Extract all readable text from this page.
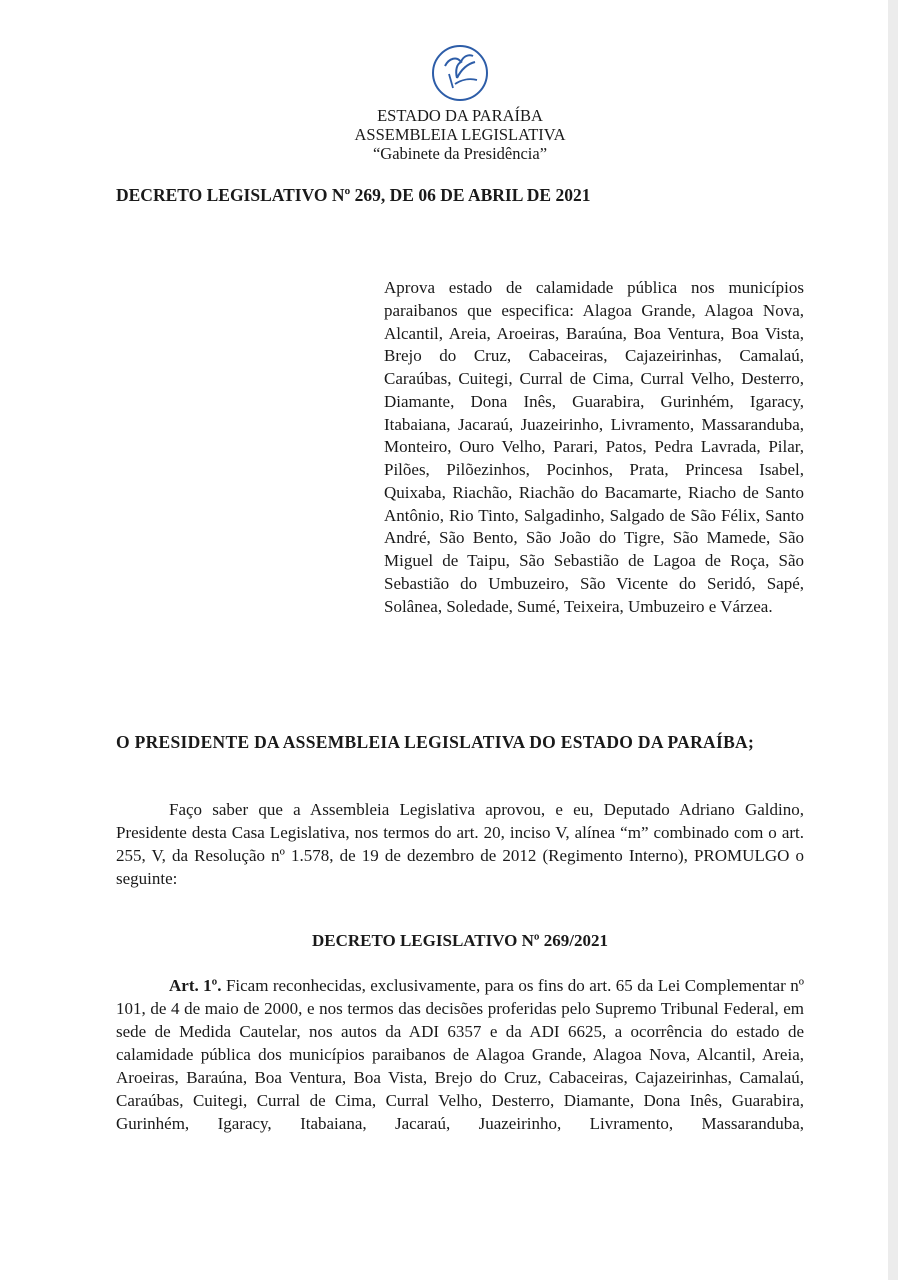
ESTADO DA PARAÍBA
ASSEMBLEIA LEGISLATIVA
“Gabinete da Presidência”
DECRETO LEGISLATIVO Nº 269, DE 06 DE ABRIL DE 2021
Aprova estado de calamidade pública nos municípios paraibanos que especifica: Alagoa Grande, Alagoa Nova, Alcantil, Areia, Aroeiras, Baraúna, Boa Ventura, Boa Vista, Brejo do Cruz, Cabaceiras, Cajazeirinhas, Camalaú, Caraúbas, Cuitegi, Curral de Cima, Curral Velho, Desterro, Diamante, Dona Inês, Guarabira, Gurinhém, Igaracy, Itabaiana, Jacaraú, Juazeirinho, Livramento, Massaranduba, Monteiro, Ouro Velho, Parari, Patos, Pedra Lavrada, Pilar, Pilões, Pilõezinhos, Pocinhos, Prata, Princesa Isabel, Quixaba, Riachão, Riachão do Bacamarte, Riacho de Santo Antônio, Rio Tinto, Salgadinho, Salgado de São Félix, Santo André, São Bento, São João do Tigre, São Mamede, São Miguel de Taipu, São Sebastião de Lagoa de Roça, São Sebastião do Umbuzeiro, São Vicente do Seridó, Sapé, Solânea, Soledade, Sumé, Teixeira, Umbuzeiro e Várzea.
O PRESIDENTE DA ASSEMBLEIA LEGISLATIVA DO ESTADO DA PARAÍBA;
Faço saber que a Assembleia Legislativa aprovou, e eu, Deputado Adriano Galdino, Presidente desta Casa Legislativa, nos termos do art. 20, inciso V, alínea “m” combinado com o art. 255, V, da Resolução nº 1.578, de 19 de dezembro de 2012 (Regimento Interno), PROMULGO o seguinte:
DECRETO LEGISLATIVO Nº 269/2021
Art. 1º. Ficam reconhecidas, exclusivamente, para os fins do art. 65 da Lei Complementar nº 101, de 4 de maio de 2000, e nos termos das decisões proferidas pelo Supremo Tribunal Federal, em sede de Medida Cautelar, nos autos da ADI 6357 e da ADI 6625, a ocorrência do estado de calamidade pública dos municípios paraibanos de Alagoa Grande, Alagoa Nova, Alcantil, Areia, Aroeiras, Baraúna, Boa Ventura, Boa Vista, Brejo do Cruz, Cabaceiras, Cajazeirinhas, Camalaú, Caraúbas, Cuitegi, Curral de Cima, Curral Velho, Desterro, Diamante, Dona Inês, Guarabira, Gurinhém, Igaracy, Itabaiana, Jacaraú, Juazeirinho, Livramento, Massaranduba,
